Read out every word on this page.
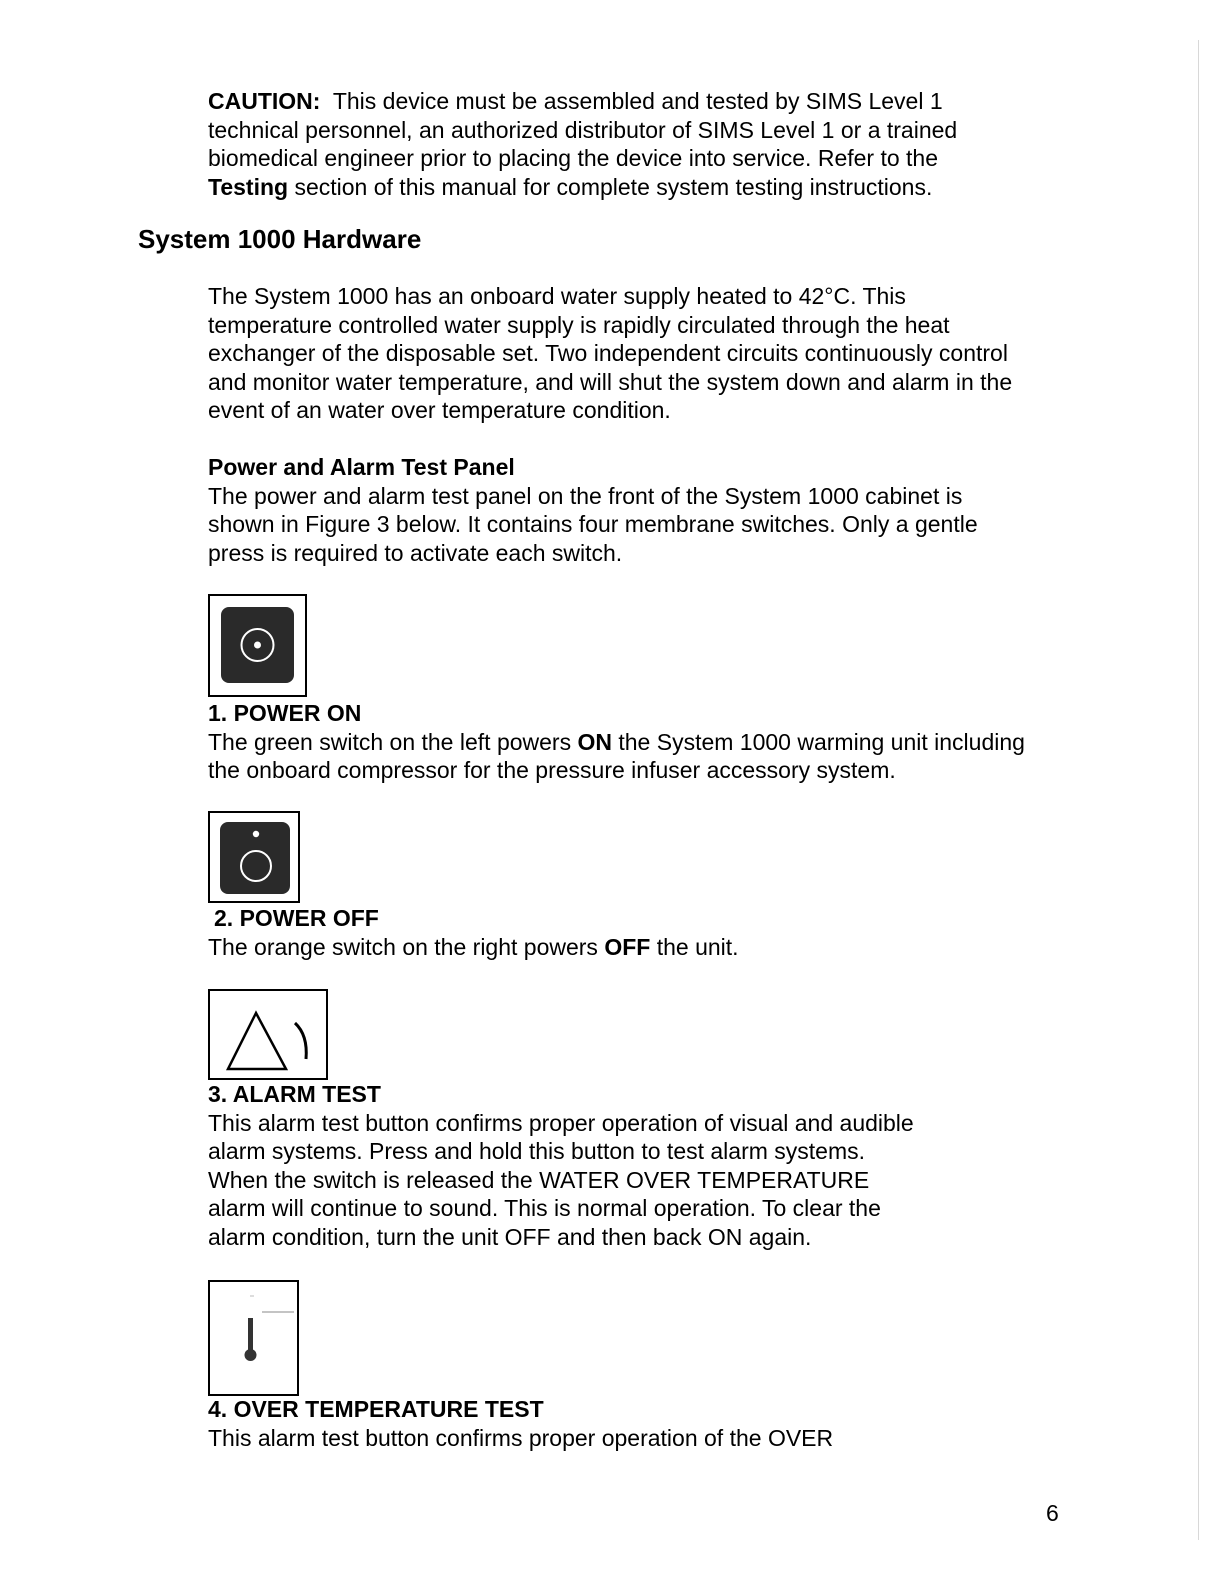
CAUTION: This device must be assembled and tested by SIMS Level 1
technical personnel, an authorized distributor of SIMS Level 1 or a trained
biomedical engineer prior to placing the device into service. Refer to the
Testing section of this manual for complete system testing instructions.
System 1000 Hardware
The System 1000 has an onboard water supply heated to 42°C. This
temperature controlled water supply is rapidly circulated through the heat
exchanger of the disposable set. Two independent circuits continuously control
and monitor water temperature, and will shut the system down and alarm in the
event of an water over temperature condition.
Power and Alarm Test Panel
The power and alarm test panel on the front of the System 1000 cabinet is
shown in Figure 3 below. It contains four membrane switches. Only a gentle
press is required to activate each switch.
1. POWER ON
The green switch on the left powers ON the System 1000 warming unit including
the onboard compressor for the pressure infuser accessory system.
2. POWER OFF
The orange switch on the right powers OFF the unit.
3. ALARM TEST
This alarm test button confirms proper operation of visual and audible
alarm systems. Press and hold this button to test alarm systems.
When the switch is released the WATER OVER TEMPERATURE
alarm will continue to sound. This is normal operation. To clear the
alarm condition, turn the unit OFF and then back ON again.
4. OVER TEMPERATURE TEST
This alarm test button confirms proper operation of the OVER
6
